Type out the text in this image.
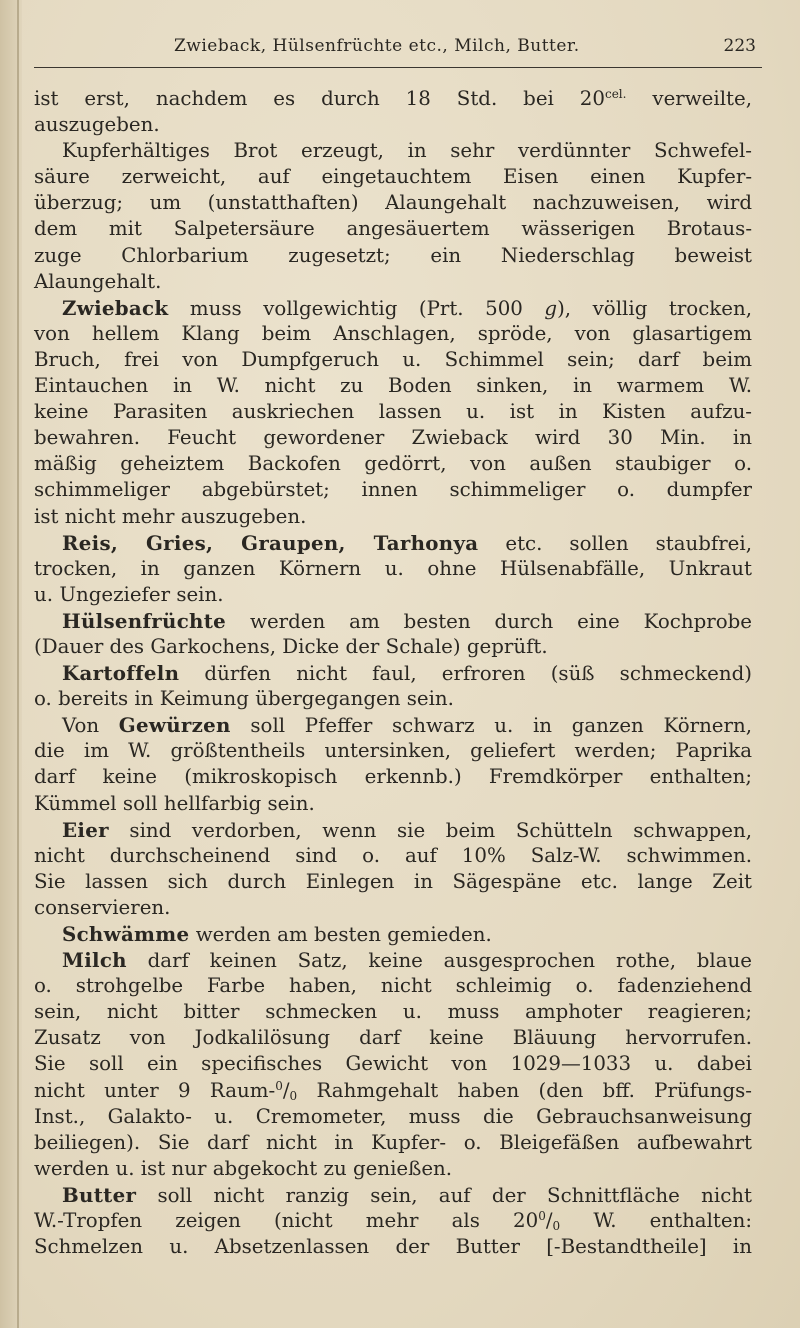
Zwieback, Hülsenfrüchte etc., Milch, Butter.	223
ist erst, nachdem es durch 18 Std. bei $20^{cel.}$ verweilte,
auszugeben.
Kupferhältiges Brot erzeugt, in sehr verdünnter Schwefel-
säure zerweicht, auf eingetauchtem Eisen einen Kupfer-
überzug; um (unstatthaften) Alaungehalt nachzuweisen, wird
dem mit Salpetersäure angesäuertem wässerigen Brotaus-
zuge Chlorbarium zugesetzt; ein Niederschlag beweist
Alaungehalt.
Zwieback muss vollgewichtig (Prt. 500 g), völlig trocken,
von hellem Klang beim Anschlagen, spröde, von glasartigem
Bruch, frei von Dumpfgeruch u. Schimmel sein; darf beim
Eintauchen in W. nicht zu Boden sinken, in warmem W.
keine Parasiten auskriechen lassen u. ist in Kisten aufzu-
bewahren. Feucht gewordener Zwieback wird 30 Min. in
mäßig geheiztem Backofen gedörrt, von außen staubiger o.
schimmeliger abgebürstet; innen schimmeliger o. dumpfer
ist nicht mehr auszugeben.
Reis, Gries, Graupen, Tarhonya etc. sollen staubfrei,
trocken, in ganzen Körnern u. ohne Hülsenabfälle, Unkraut
u. Ungeziefer sein.
Hülsenfrüchte werden am besten durch eine Kochprobe
(Dauer des Garkochens, Dicke der Schale) geprüft.
Kartoffeln dürfen nicht faul, erfroren (süß schmeckend)
o. bereits in Keimung übergegangen sein.
Von Gewürzen soll Pfeffer schwarz u. in ganzen Körnern,
die im W. größtentheils untersinken, geliefert werden; Paprika
darf keine (mikroskopisch erkennb.) Fremdkörper enthalten;
Kümmel soll hellfarbig sein.
Eier sind verdorben, wenn sie beim Schütteln schwappen,
nicht durchscheinend sind o. auf 10% Salz-W. schwimmen.
Sie lassen sich durch Einlegen in Sägespäne etc. lange Zeit
conservieren.
Schwämme werden am besten gemieden.
Milch darf keinen Satz, keine ausgesprochen rothe, blaue
o. strohgelbe Farbe haben, nicht schleimig o. fadenziehend
sein, nicht bitter schmecken u. muss amphoter reagieren;
Zusatz von Jodkalilösung darf keine Bläuung hervorrufen.
Sie soll ein specifisches Gewicht von 1029—1033 u. dabei
nicht unter 9 Raum-$^0/_0$ Rahmgehalt haben (den bff. Prüfungs-
Inst., Galakto- u. Cremometer, muss die Gebrauchsanweisung
beiliegen). Sie darf nicht in Kupfer- o. Bleigefäßen aufbewahrt
werden u. ist nur abgekocht zu genießen.
Butter soll nicht ranzig sein, auf der Schnittfläche nicht
W.-Tropfen zeigen (nicht mehr als $20^0/_0$ W. enthalten:
Schmelzen u. Absetzenlassen der Butter [-Bestandtheile] in
